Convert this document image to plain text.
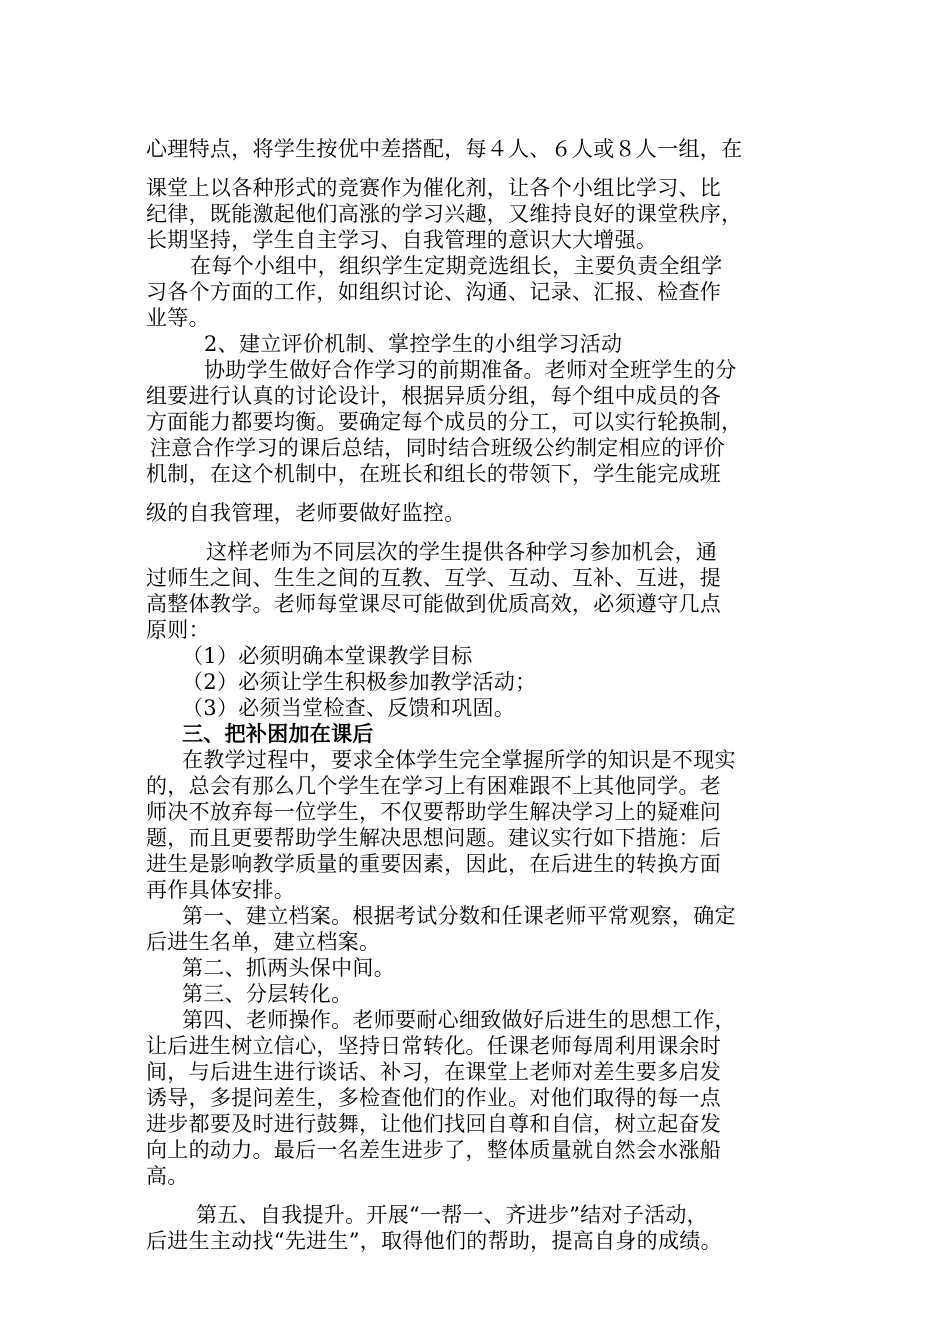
心理特点，将学生按优中差搭配，每４人、６人或８人一组，在
课堂上以各种形式的竞赛作为催化剂，让各个小组比学习、比
纪律，既能激起他们高涨的学习兴趣，又维持良好的课堂秩序，
长期坚持，学生自主学习、自我管理的意识大大增强。
在每个小组中，组织学生定期竞选组长，主要负责全组学
习各个方面的工作，如组织讨论、沟通、记录、汇报、检查作
业等。
2、建立评价机制、掌控学生的小组学习活动
协助学生做好合作学习的前期准备。老师对全班学生的分
组要进行认真的讨论设计，根据异质分组，每个组中成员的各
方面能力都要均衡。要确定每个成员的分工，可以实行轮换制，
注意合作学习的课后总结，同时结合班级公约制定相应的评价
机制，在这个机制中，在班长和组长的带领下，学生能完成班
级的自我管理，老师要做好监控。
这样老师为不同层次的学生提供各种学习参加机会，通
过师生之间、生生之间的互教、互学、互动、互补、互进，提
高整体教学。老师每堂课尽可能做到优质高效，必须遵守几点
原则：
（1）必须明确本堂课教学目标
（2）必须让学生积极参加教学活动；
（3）必须当堂检查、反馈和巩固。
三、把补困加在课后
在教学过程中，要求全体学生完全掌握所学的知识是不现实
的，总会有那么几个学生在学习上有困难跟不上其他同学。老
师决不放弃每一位学生，不仅要帮助学生解决学习上的疑难问
题，而且更要帮助学生解决思想问题。建议实行如下措施：后
进生是影响教学质量的重要因素，因此，在后进生的转换方面
再作具体安排。
第一、建立档案。根据考试分数和任课老师平常观察，确定
后进生名单，建立档案。
第二、抓两头保中间。
第三、分层转化。
第四、老师操作。老师要耐心细致做好后进生的思想工作，
让后进生树立信心，坚持日常转化。任课老师每周利用课余时
间，与后进生进行谈话、补习，在课堂上老师对差生要多启发
诱导，多提问差生，多检查他们的作业。对他们取得的每一点
进步都要及时进行鼓舞，让他们找回自尊和自信，树立起奋发
向上的动力。最后一名差生进步了，整体质量就自然会水涨船
高。
第五、自我提升。开展“一帮一、齐进步”结对子活动，
后进生主动找“先进生”，取得他们的帮助，提高自身的成绩。
